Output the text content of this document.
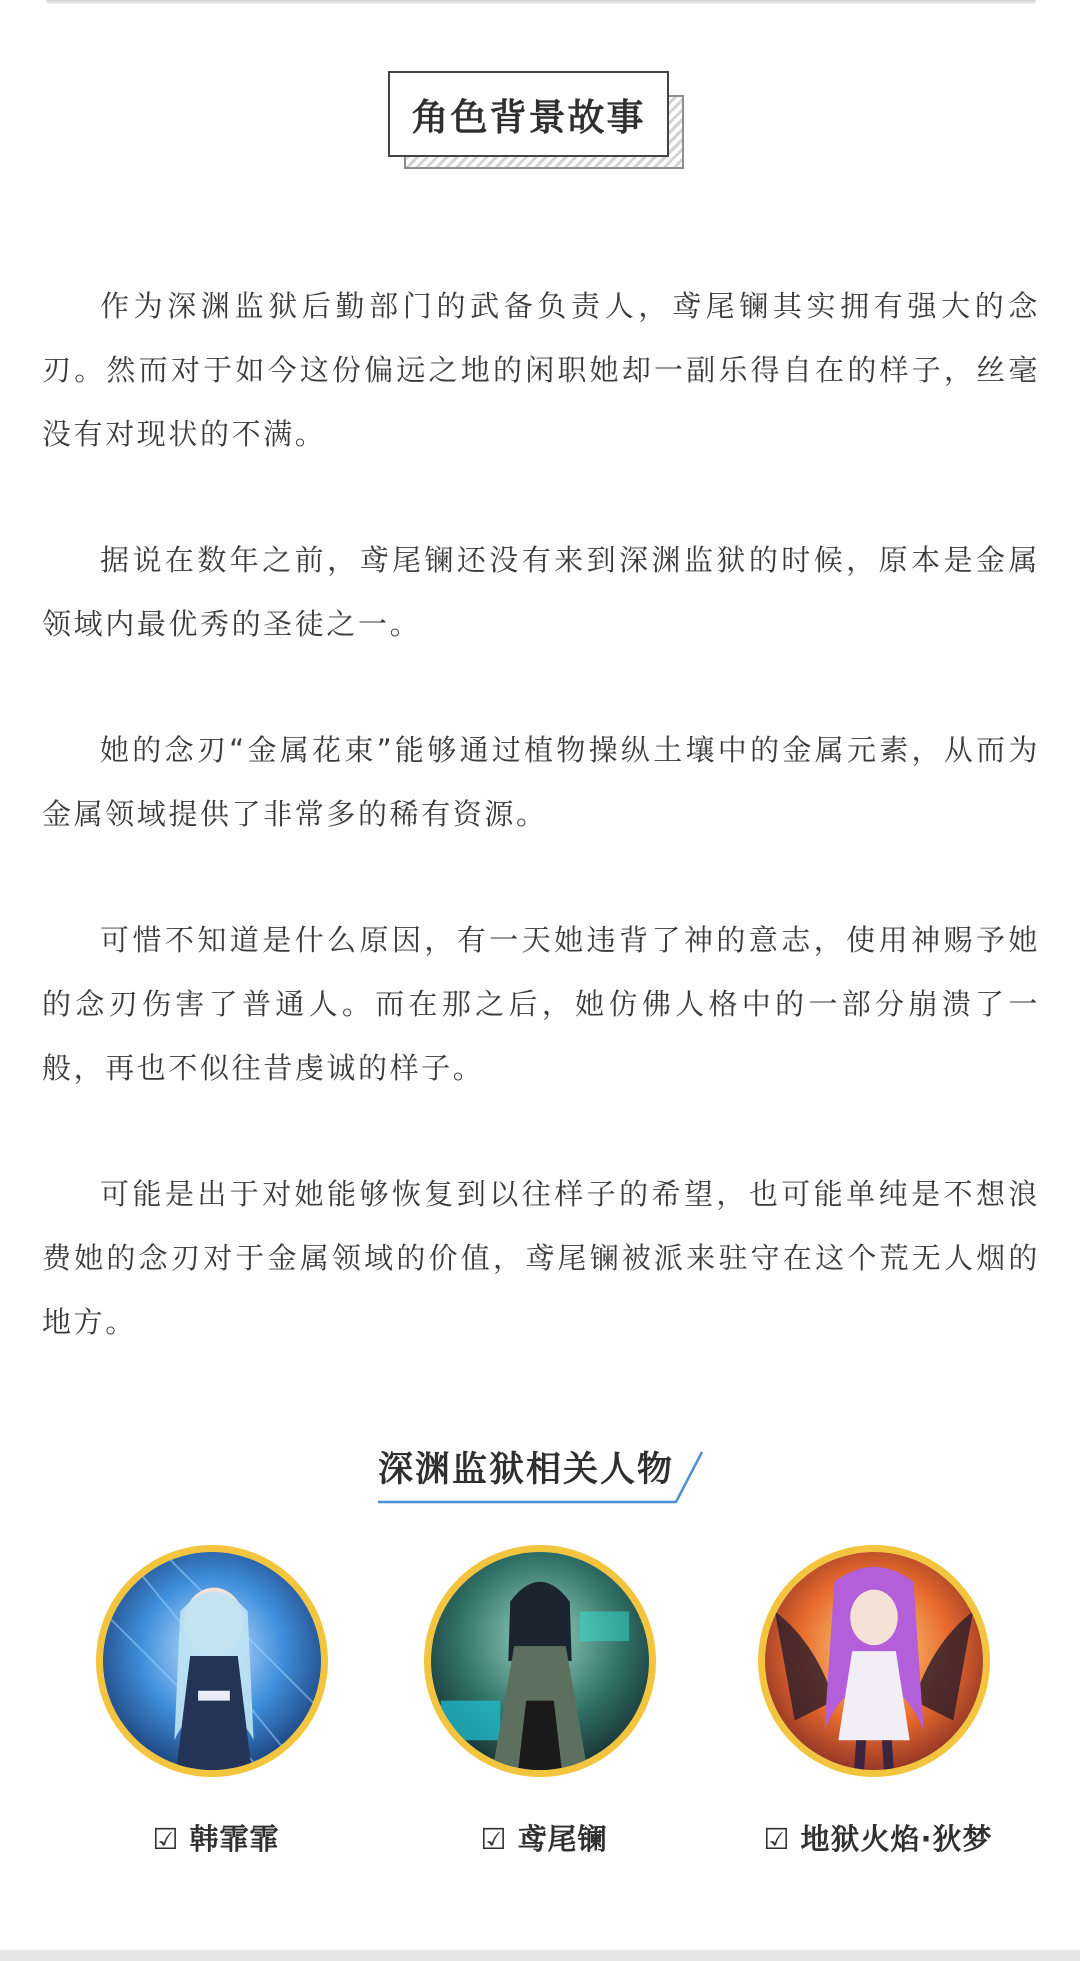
角色背景故事

作为深渊监狱后勤部门的武备负责人，鸢尾镧其实拥有强大的念刃。然而对于如今这份偏远之地的闲职她却一副乐得自在的样子，丝毫没有对现状的不满。

据说在数年之前，鸢尾镧还没有来到深渊监狱的时候，原本是金属领域内最优秀的圣徒之一。

她的念刃“金属花束”能够通过植物操纵土壤中的金属元素，从而为金属领域提供了非常多的稀有资源。

可惜不知道是什么原因，有一天她违背了神的意志，使用神赐予她的念刃伤害了普通人。而在那之后，她仿佛人格中的一部分崩溃了一般，再也不似往昔虔诚的样子。

可能是出于对她能够恢复到以往样子的希望，也可能单纯是不想浪费她的念刃对于金属领域的价值，鸢尾镧被派来驻守在这个荒无人烟的地方。

深渊监狱相关人物
☑ 韩霏霏	☑ 鸢尾镧	☑ 地狱火焰·狄梦
